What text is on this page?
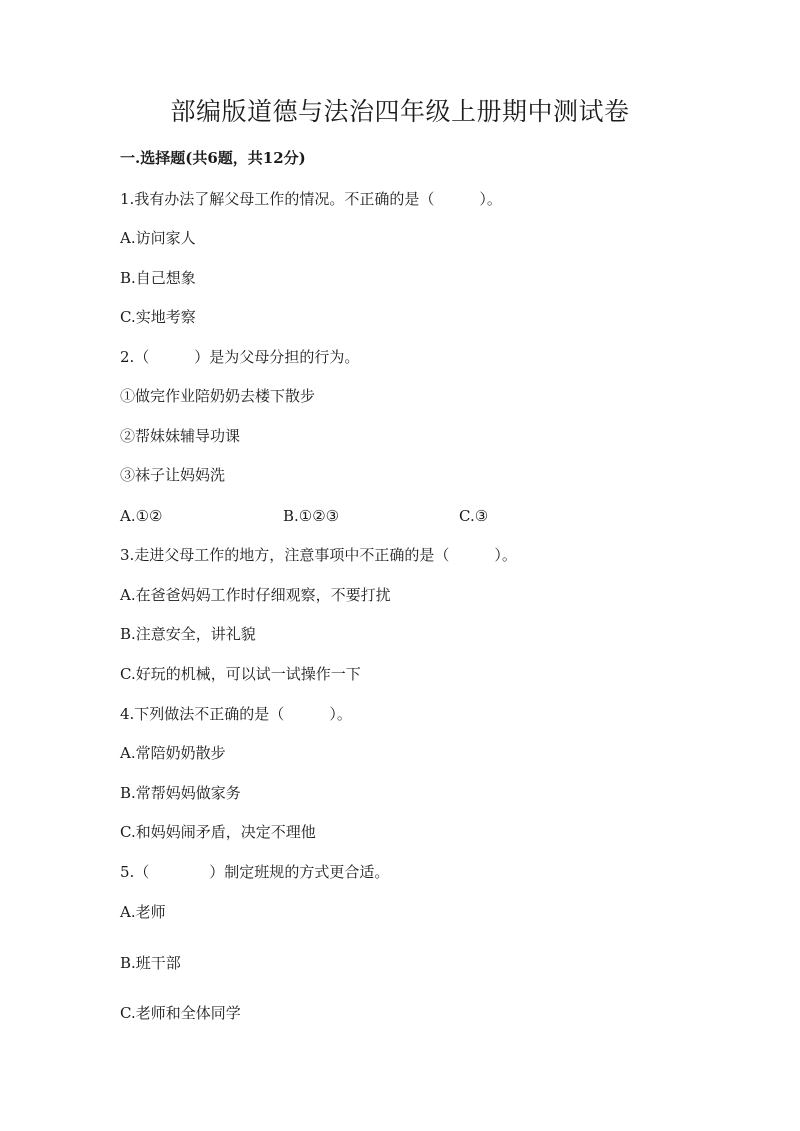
部编版道德与法治四年级上册期中测试卷
一.选择题(共6题，共12分)
1.我有办法了解父母工作的情况。不正确的是（　　　）。
A.访问家人
B.自己想象
C.实地考察
2.（　　　）是为父母分担的行为。
①做完作业陪奶奶去楼下散步
②帮妹妹辅导功课
③袜子让妈妈洗
A.①②	B.①②③	C.③
3.走进父母工作的地方，注意事项中不正确的是（　　　）。
A.在爸爸妈妈工作时仔细观察，不要打扰
B.注意安全，讲礼貌
C.好玩的机械，可以试一试操作一下
4.下列做法不正确的是（　　　）。
A.常陪奶奶散步
B.常帮妈妈做家务
C.和妈妈闹矛盾，决定不理他
5.（　　　　）制定班规的方式更合适。
A.老师
B.班干部
C.老师和全体同学
